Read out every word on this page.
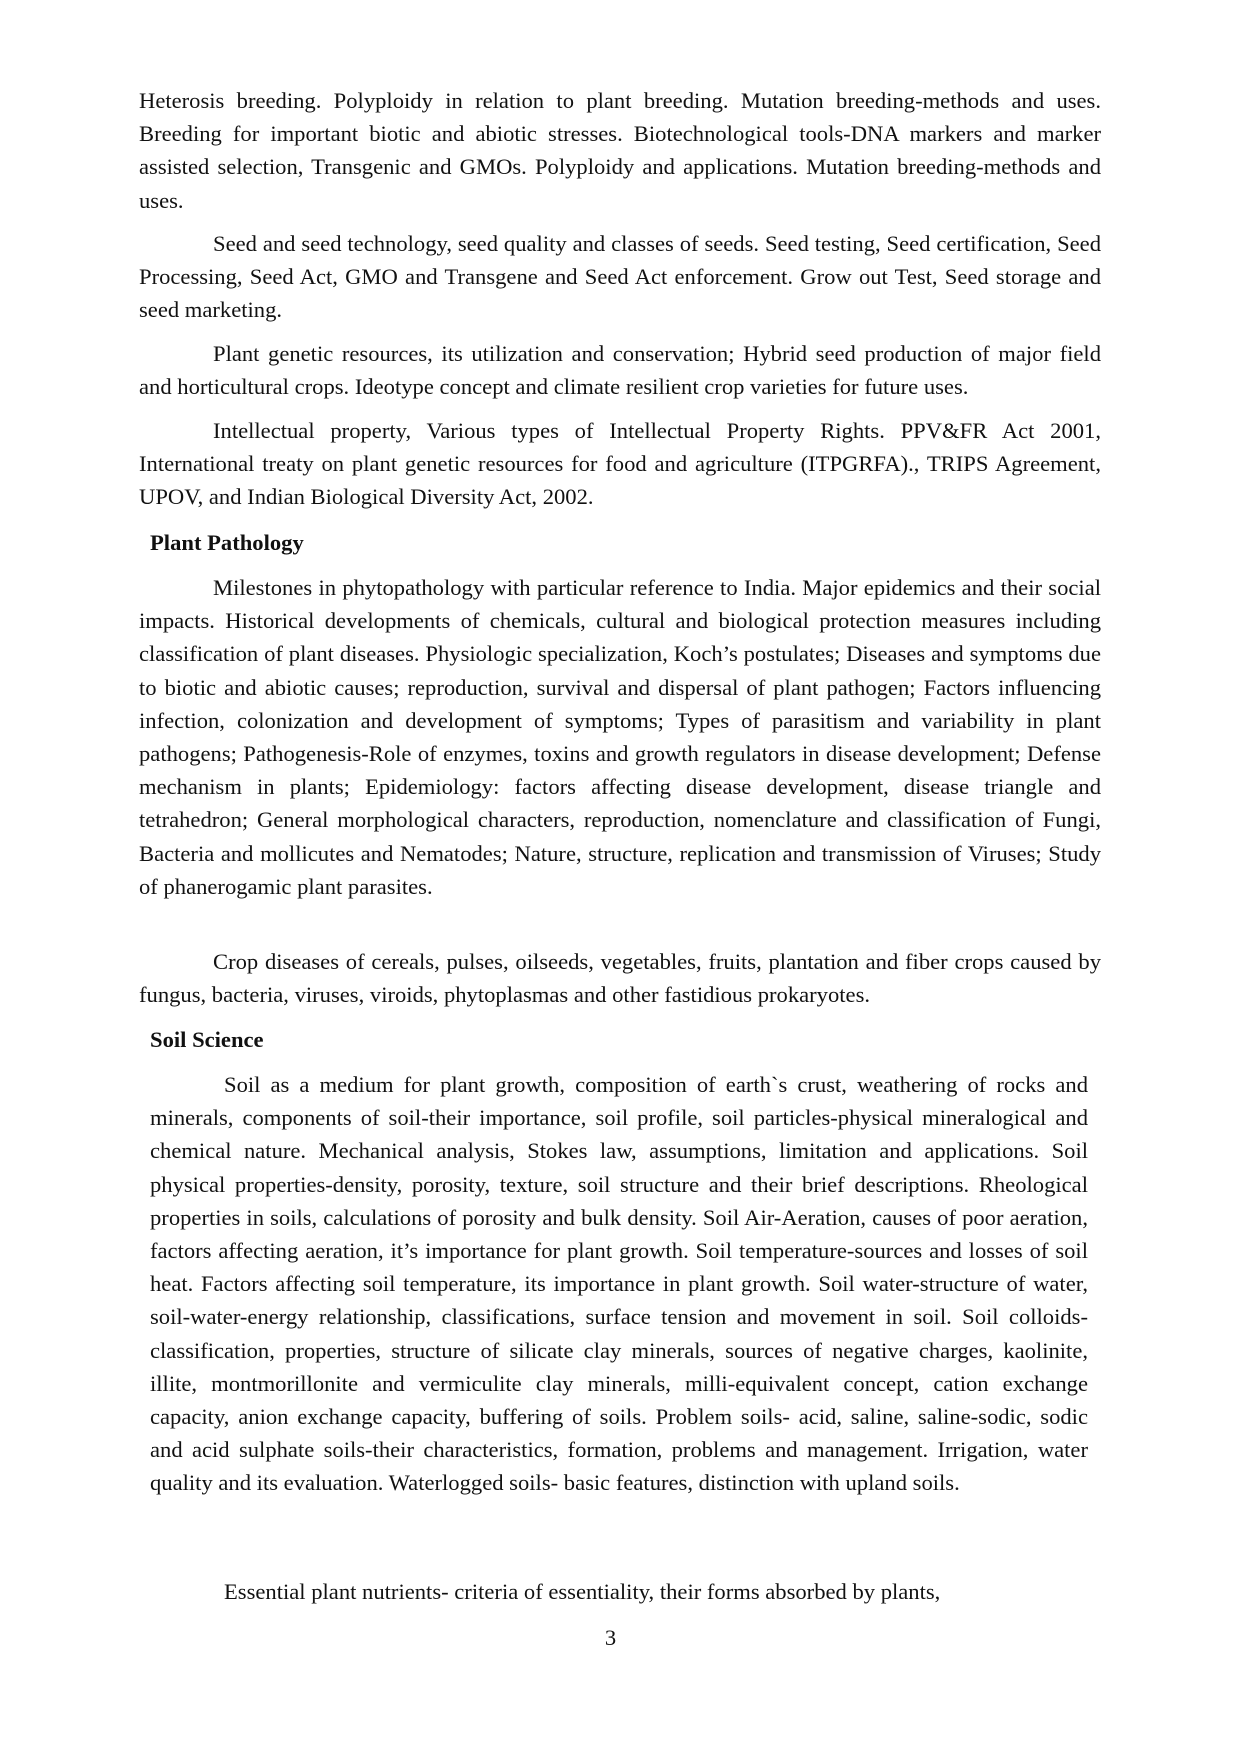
Heterosis breeding. Polyploidy in relation to plant breeding. Mutation breeding-methods and uses. Breeding for important biotic and abiotic stresses. Biotechnological tools-DNA markers and marker assisted selection, Transgenic and GMOs. Polyploidy and applications. Mutation breeding-methods and uses.

Seed and seed technology, seed quality and classes of seeds. Seed testing, Seed certification, Seed Processing, Seed Act, GMO and Transgene and Seed Act enforcement. Grow out Test, Seed storage and seed marketing.

Plant genetic resources, its utilization and conservation; Hybrid seed production of major field and horticultural crops. Ideotype concept and climate resilient crop varieties for future uses.

Intellectual property, Various types of Intellectual Property Rights. PPV&FR Act 2001, International treaty on plant genetic resources for food and agriculture (ITPGRFA)., TRIPS Agreement, UPOV, and Indian Biological Diversity Act, 2002.

Plant Pathology

Milestones in phytopathology with particular reference to India. Major epidemics and their social impacts. Historical developments of chemicals, cultural and biological protection measures including classification of plant diseases. Physiologic specialization, Koch’s postulates; Diseases and symptoms due to biotic and abiotic causes; reproduction, survival and dispersal of plant pathogen; Factors influencing infection, colonization and development of symptoms; Types of parasitism and variability in plant pathogens; Pathogenesis-Role of enzymes, toxins and growth regulators in disease development; Defense mechanism in plants; Epidemiology: factors affecting disease development, disease triangle and tetrahedron; General morphological characters, reproduction, nomenclature and classification of Fungi, Bacteria and mollicutes and Nematodes; Nature, structure, replication and transmission of Viruses; Study of phanerogamic plant parasites.

Crop diseases of cereals, pulses, oilseeds, vegetables, fruits, plantation and fiber crops caused by fungus, bacteria, viruses, viroids, phytoplasmas and other fastidious prokaryotes.

Soil Science

Soil as a medium for plant growth, composition of earth`s crust, weathering of rocks and minerals, components of soil-their importance, soil profile, soil particles-physical mineralogical and chemical nature. Mechanical analysis, Stokes law, assumptions, limitation and applications. Soil physical properties-density, porosity, texture, soil structure and their brief descriptions. Rheological properties in soils, calculations of porosity and bulk density. Soil Air-Aeration, causes of poor aeration, factors affecting aeration, it’s importance for plant growth. Soil temperature-sources and losses of soil heat. Factors affecting soil temperature, its importance in plant growth. Soil water-structure of water, soil-water-energy relationship, classifications, surface tension and movement in soil. Soil colloids-classification, properties, structure of silicate clay minerals, sources of negative charges, kaolinite, illite, montmorillonite and vermiculite clay minerals, milli-equivalent concept, cation exchange capacity, anion exchange capacity, buffering of soils. Problem soils- acid, saline, saline-sodic, sodic and acid sulphate soils-their characteristics, formation, problems and management. Irrigation, water quality and its evaluation. Waterlogged soils- basic features, distinction with upland soils.

Essential plant nutrients- criteria of essentiality, their forms absorbed by plants,

3
